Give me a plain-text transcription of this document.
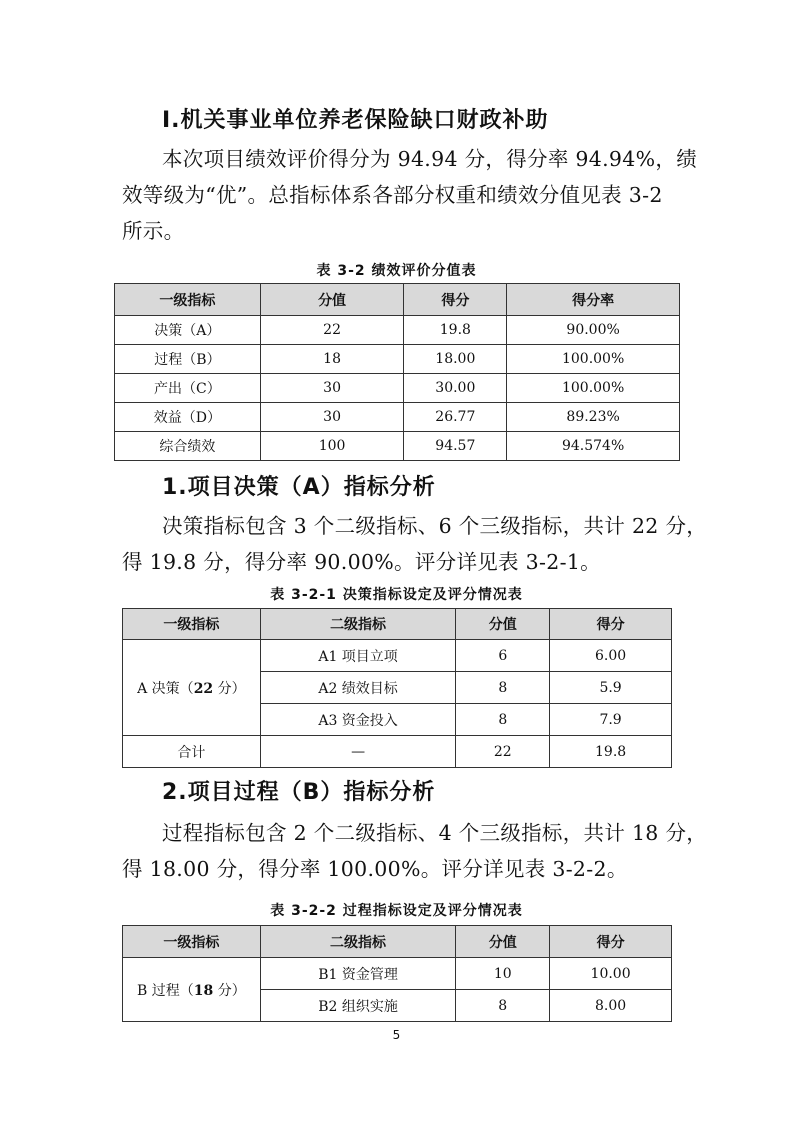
Ⅰ.机关事业单位养老保险缺口财政补助
本次项目绩效评价得分为 94.94 分，得分率 94.94%，绩
效等级为“优”。总指标体系各部分权重和绩效分值见表 3-2
所示。
表 3-2 绩效评价分值表
一级指标	分值	得分	得分率
决策（A）	22	19.8	90.00%
过程（B）	18	18.00	100.00%
产出（C）	30	30.00	100.00%
效益（D）	30	26.77	89.23%
综合绩效	100	94.57	94.574%
1.项目决策（A）指标分析
决策指标包含 3 个二级指标、6 个三级指标，共计 22 分，
得 19.8 分，得分率 90.00%。评分详见表 3-2-1。
表 3-2-1 决策指标设定及评分情况表
一级指标	二级指标	分值	得分
A 决策（22 分）	A1 项目立项	6	6.00
	A2 绩效目标	8	5.9
	A3 资金投入	8	7.9
合计	—	22	19.8
2.项目过程（B）指标分析
过程指标包含 2 个二级指标、4 个三级指标，共计 18 分，
得 18.00 分，得分率 100.00%。评分详见表 3-2-2。
表 3-2-2 过程指标设定及评分情况表
一级指标	二级指标	分值	得分
B 过程（18 分）	B1 资金管理	10	10.00
	B2 组织实施	8	8.00
5
